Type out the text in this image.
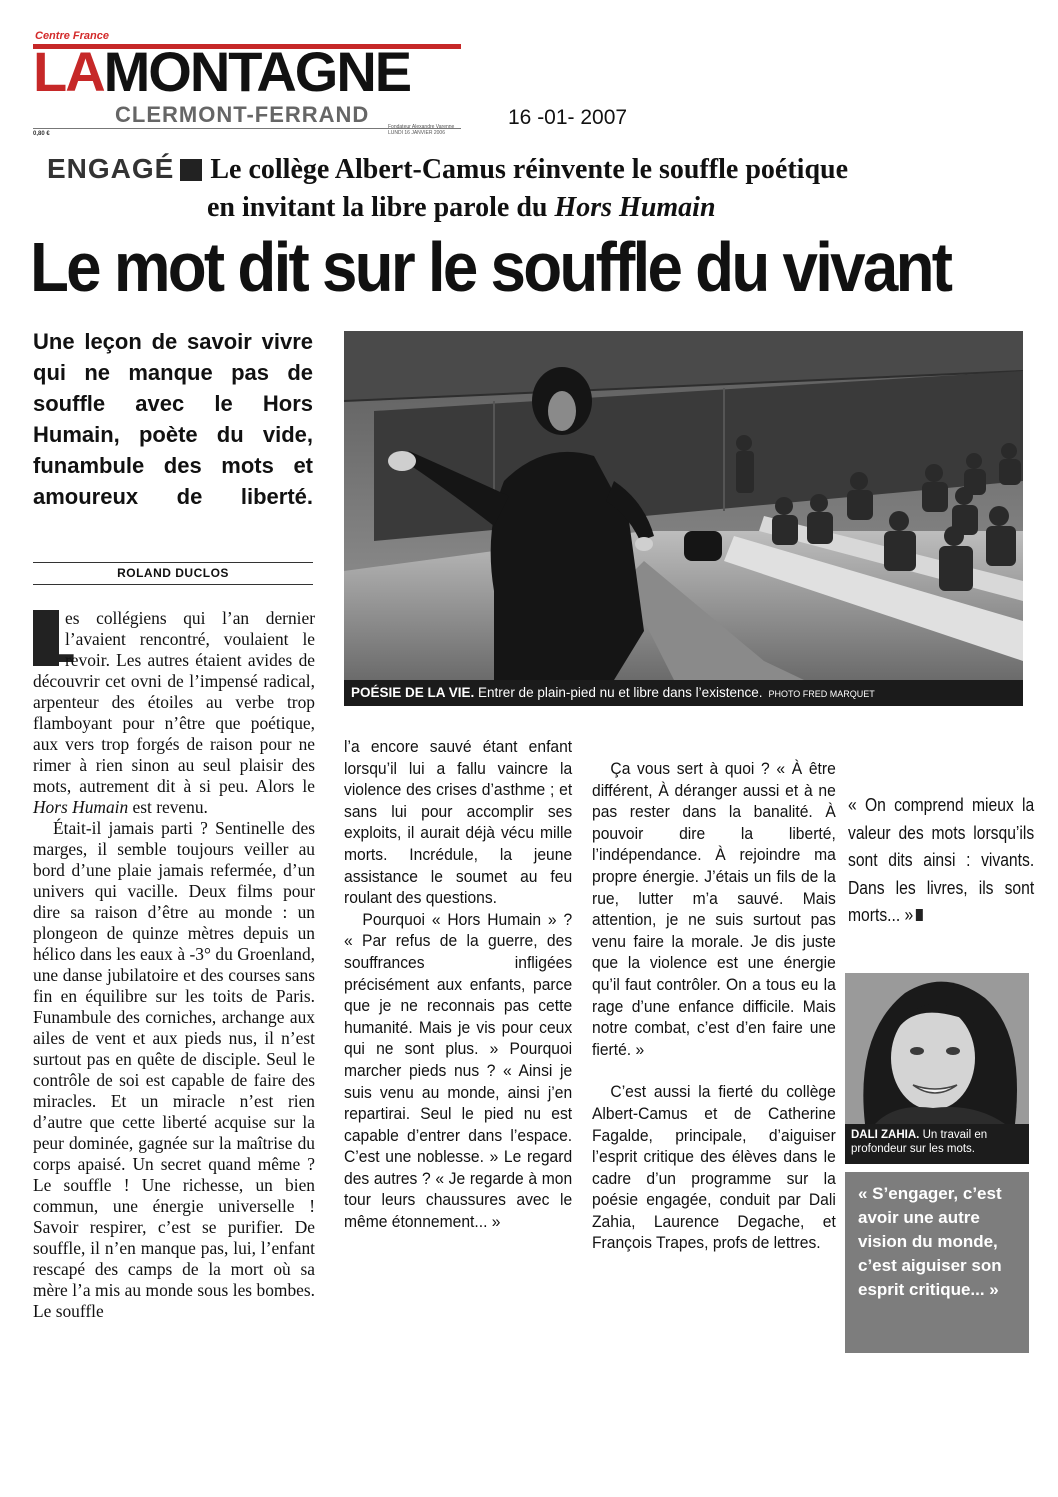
Centre France
LAMONTAGNE
CLERMONT-FERRAND
0,80 €
Fondateur Alexandre Varenne
LUNDI 16 JANVIER 2006
16 -01- 2007
ENGAGÉ Le collège Albert-Camus réinvente le souffle poétique
en invitant la libre parole du Hors Humain
Le mot dit sur le souffle du vivant
Une leçon de savoir vivre qui ne manque pas de souffle avec le Hors Humain, poète du vide, funambule des mots et amoureux de liberté.
ROLAND DUCLOS

L
es collégiens qui l’an dernier l’avaient rencontré, voulaient le revoir. Les autres étaient avides de découvrir cet ovni de l’impensé radical, arpenteur des étoiles au verbe trop flamboyant pour n’être que poétique, aux vers trop forgés de raison pour ne rimer à rien sinon au seul plaisir des mots, autrement dit à si peu. Alors le Hors Humain est revenu.

Était-il jamais parti ? Sentinelle des marges, il semble toujours veiller au bord d’une plaie jamais refermée, d’un univers qui vacille. Deux films pour dire sa raison d’être au monde : un plongeon de quinze mètres depuis un hélico dans les eaux à -3° du Groenland, une danse jubilatoire et des courses sans fin en équilibre sur les toits de Paris. Funambule des corniches, archange aux ailes de vent et aux pieds nus, il n’est surtout pas en quête de disciple. Seul le contrôle de soi est capable de faire des miracles. Et un miracle n’est rien d’autre que cette liberté acquise sur la peur dominée, gagnée sur la maîtrise du corps apaisé. Un secret quand même ? Le souffle ! Une richesse, un bien commun, une énergie universelle ! Savoir respirer, c’est se purifier. De souffle, il n’en manque pas, lui, l’enfant rescapé des camps de la mort où sa mère l’a mis au monde sous les bombes. Le souffle

POÉSIE DE LA VIE. Entrer de plain-pied nu et libre dans l’existence. PHOTO FRED MARQUET

l’a encore sauvé étant enfant lorsqu’il lui a fallu vaincre la violence des crises d’asthme ; et sans lui pour accomplir ses exploits, il aurait déjà vécu mille morts. Incrédule, la jeune assistance le soumet au feu roulant des questions.

Pourquoi « Hors Humain » ? « Par refus de la guerre, des souffrances infligées précisément aux enfants, parce que je ne reconnais pas cette humanité. Mais je vis pour ceux qui ne sont plus. » Pourquoi marcher pieds nus ? « Ainsi je suis venu au monde, ainsi j’en repartirai. Seul le pied nu est capable d’entrer dans l’espace. C’est une noblesse. » Le regard des autres ? « Je regarde à mon tour leurs chaussures avec le même étonnement... »

Ça vous sert à quoi ? « À être différent, À déranger aussi et à ne pas rester dans la banalité. À pouvoir dire la liberté, l’indépendance. À rejoindre ma propre énergie. J’étais un fils de la rue, lutter m’a sauvé. Mais attention, je ne suis surtout pas venu faire la morale. Je dis juste que la violence est une énergie qu’il faut contrôler. On a tous eu la rage d’une enfance difficile. Mais notre combat, c’est d’en faire une fierté. »

C’est aussi la fierté du collège Albert-Camus et de Catherine Fagalde, principale, d’aiguiser l’esprit critique des élèves dans le cadre d’un programme sur la poésie engagée, conduit par Dali Zahia, Laurence Degache, et François Trapes, profs de lettres.

« On comprend mieux la valeur des mots lorsqu’ils sont dits ainsi : vivants. Dans les livres, ils sont morts... »
DALI ZAHIA. Un travail en profondeur sur les mots.
« S’engager, c’est avoir une autre vision du monde, c’est aiguiser son esprit critique... »
